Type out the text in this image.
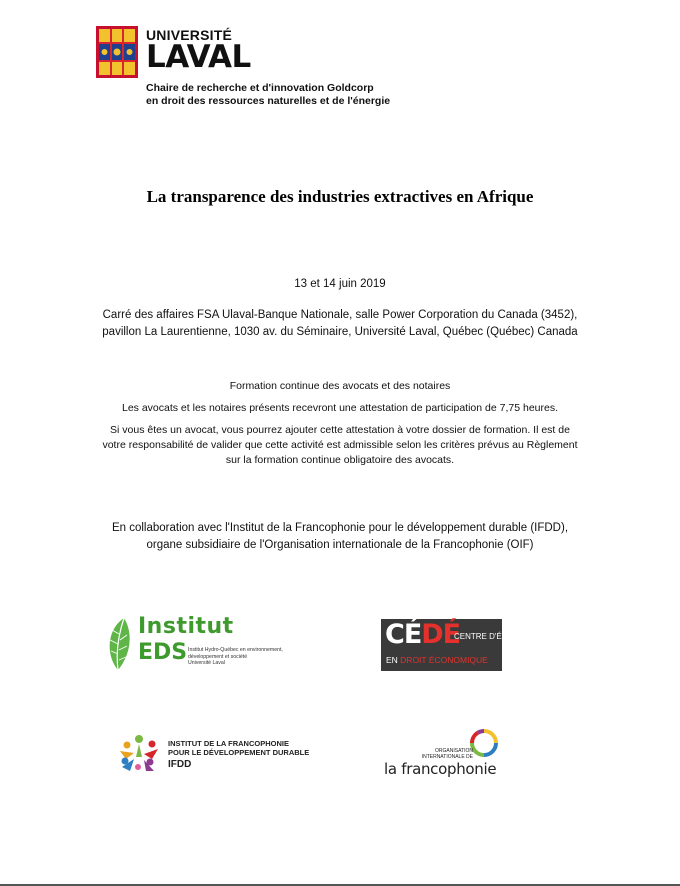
UNIVERSITÉ
LAVAL
Chaire de recherche et d'innovation Goldcorp
en droit des ressources naturelles et de l'énergie
La transparence des industries extractives en Afrique

13 et 14 juin 2019

Carré des affaires FSA Ulaval-Banque Nationale, salle Power Corporation du Canada (3452), pavillon La Laurentienne, 1030 av. du Séminaire, Université Laval, Québec (Québec) Canada

Formation continue des avocats et des notaires

Les avocats et les notaires présents recevront une attestation de participation de 7,75 heures.

Si vous êtes un avocat, vous pourrez ajouter cette attestation à votre dossier de formation. Il est de votre responsabilité de valider que cette activité est admissible selon les critères prévus au Règlement sur la formation continue obligatoire des avocats.

En collaboration avec l'Institut de la Francophonie pour le développement durable (IFDD), organe subsidiaire de l'Organisation internationale de la Francophonie (OIF)

Institut
EDS Institut Hydro-Québec en environnement,
développement et société
Université Laval
CÉDÉ
CENTRE D'ÉTUDES
EN DROIT ÉCONOMIQUE
INSTITUT DE LA FRANCOPHONIE
POUR LE DÉVELOPPEMENT DURABLE
IFDD
ORGANISATION
INTERNATIONALE DE
la francophonie
